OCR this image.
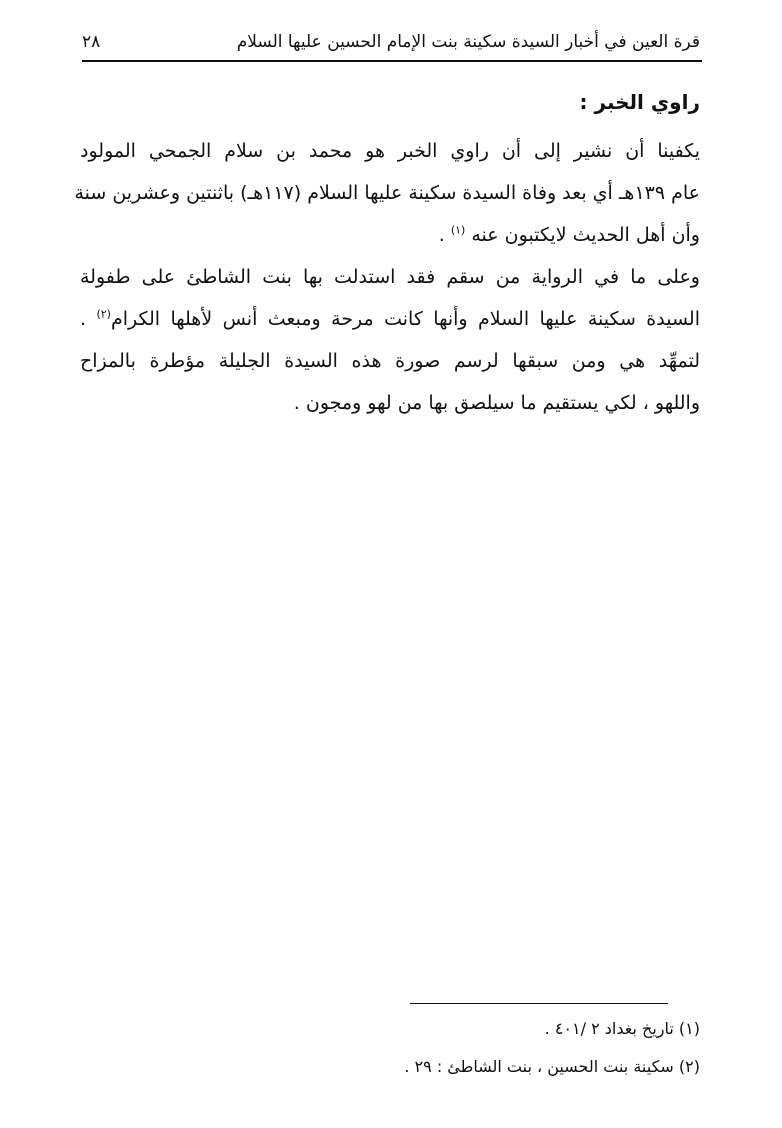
قرة العين في أخبار السيدة سكينة بنت الإمام الحسين عليها السلام
٢٨
راوي الخبر :
يكفينا أن نشير إلى أن راوي الخبر هو محمد بن سلام الجمحي المولود
عام ١٣٩هـ أي بعد وفاة السيدة سكينة عليها السلام (١١٧هـ) باثنتين وعشرين سنة
وأن أهل الحديث لايكتبون عنه $^{(١)}$ .
وعلى ما في الرواية من سقم فقد استدلت بها بنت الشاطئ على طفولة
السيدة سكينة عليها السلام وأنها كانت مرحة ومبعث أنس لأهلها الكرام$^{(٢)}$ .
لتمهِّد هي ومن سبقها لرسم صورة هذه السيدة الجليلة مؤطرة بالمزاح
واللهو ، لكي يستقيم ما سيلصق بها من لهو ومجون .
(١) تاريخ بغداد ٢ /٤٠١ .
(٢) سكينة بنت الحسين ، بنت الشاطئ : ٢٩ .
